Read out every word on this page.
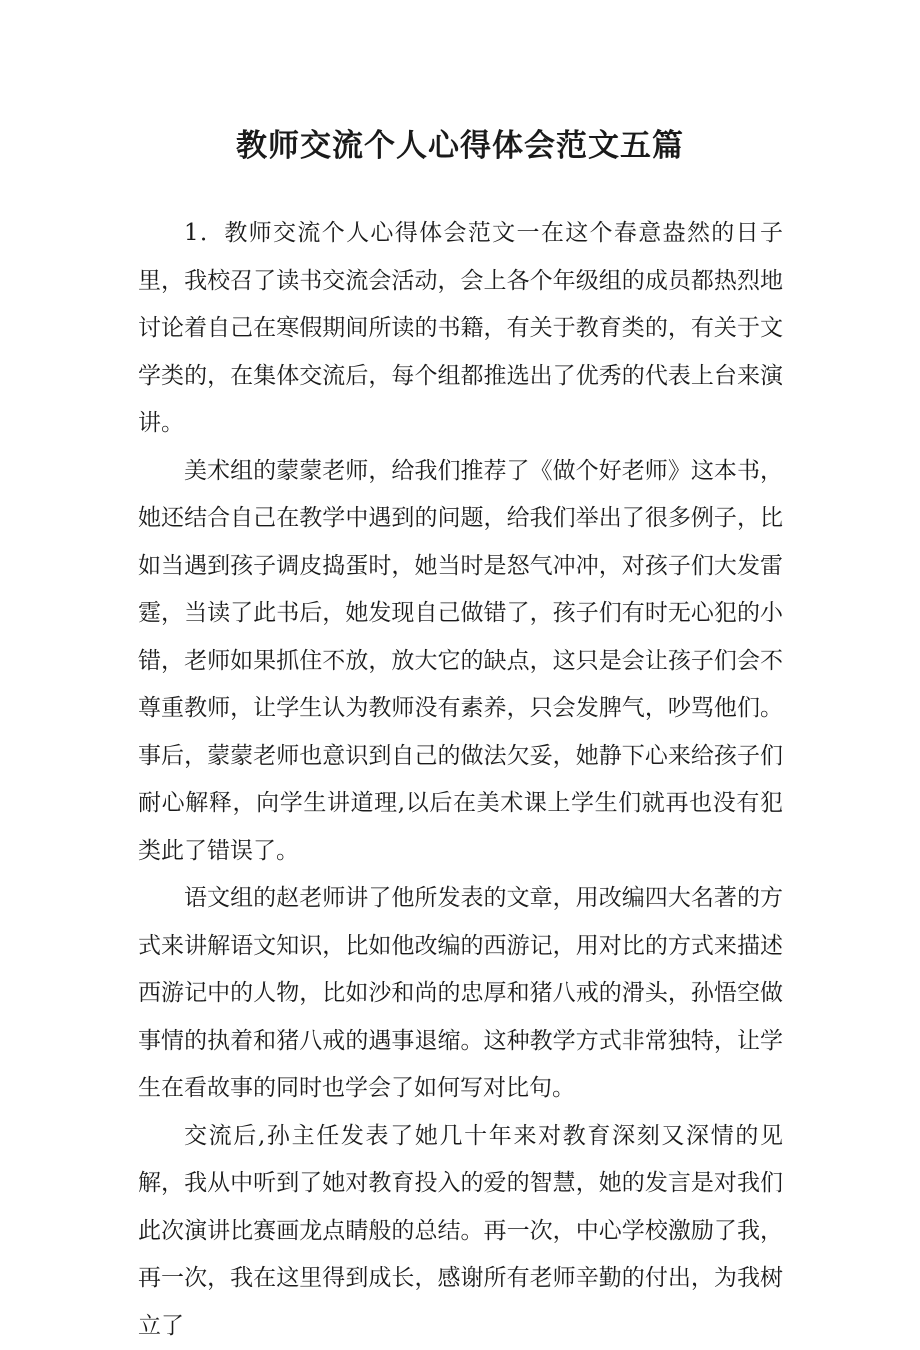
教师交流个人心得体会范文五篇

1．教师交流个人心得体会范文一在这个春意盎然的日子里，我校召了读书交流会活动，会上各个年级组的成员都热烈地讨论着自己在寒假期间所读的书籍，有关于教育类的，有关于文学类的，在集体交流后，每个组都推选出了优秀的代表上台来演讲。

美术组的蒙蒙老师，给我们推荐了《做个好老师》这本书，她还结合自己在教学中遇到的问题，给我们举出了很多例子，比如当遇到孩子调皮捣蛋时，她当时是怒气冲冲，对孩子们大发雷霆，当读了此书后，她发现自己做错了，孩子们有时无心犯的小错，老师如果抓住不放，放大它的缺点，这只是会让孩子们会不尊重教师，让学生认为教师没有素养，只会发脾气，吵骂他们。事后，蒙蒙老师也意识到自己的做法欠妥，她静下心来给孩子们耐心解释，向学生讲道理,以后在美术课上学生们就再也没有犯类此了错误了。

语文组的赵老师讲了他所发表的文章，用改编四大名著的方式来讲解语文知识，比如他改编的西游记，用对比的方式来描述西游记中的人物，比如沙和尚的忠厚和猪八戒的滑头，孙悟空做事情的执着和猪八戒的遇事退缩。这种教学方式非常独特，让学生在看故事的同时也学会了如何写对比句。

交流后,孙主任发表了她几十年来对教育深刻又深情的见解，我从中听到了她对教育投入的爱的智慧，她的发言是对我们此次演讲比赛画龙点睛般的总结。再一次，中心学校激励了我，再一次，我在这里得到成长，感谢所有老师辛勤的付出，为我树立了
